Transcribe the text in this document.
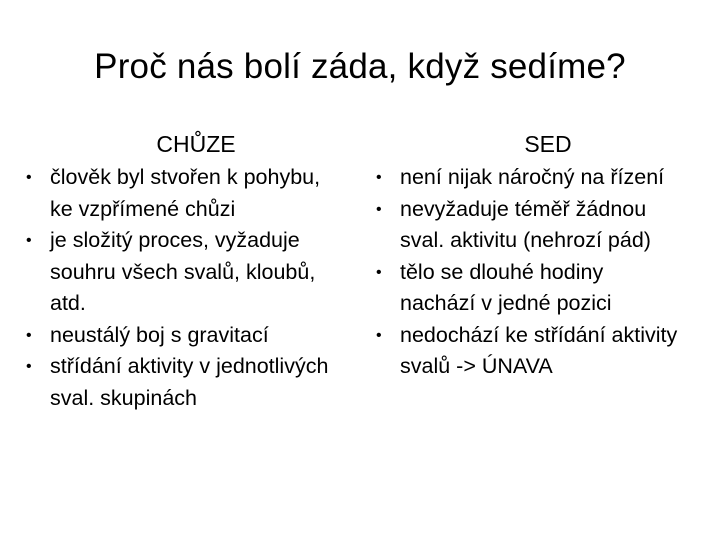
Proč nás bolí záda, když sedíme?
CHŮZE
• člověk byl stvořen k pohybu, ke vzpřímené chůzi
• je složitý proces, vyžaduje souhru všech svalů, kloubů, atd.
• neustálý boj s gravitací
• střídání aktivity v jednotlivých sval. skupinách
SED
• není nijak náročný na řízení
• nevyžaduje téměř žádnou sval. aktivitu (nehrozí pád)
• tělo se dlouhé hodiny nachází v jedné pozici
• nedochází ke střídání aktivity svalů -> ÚNAVA
